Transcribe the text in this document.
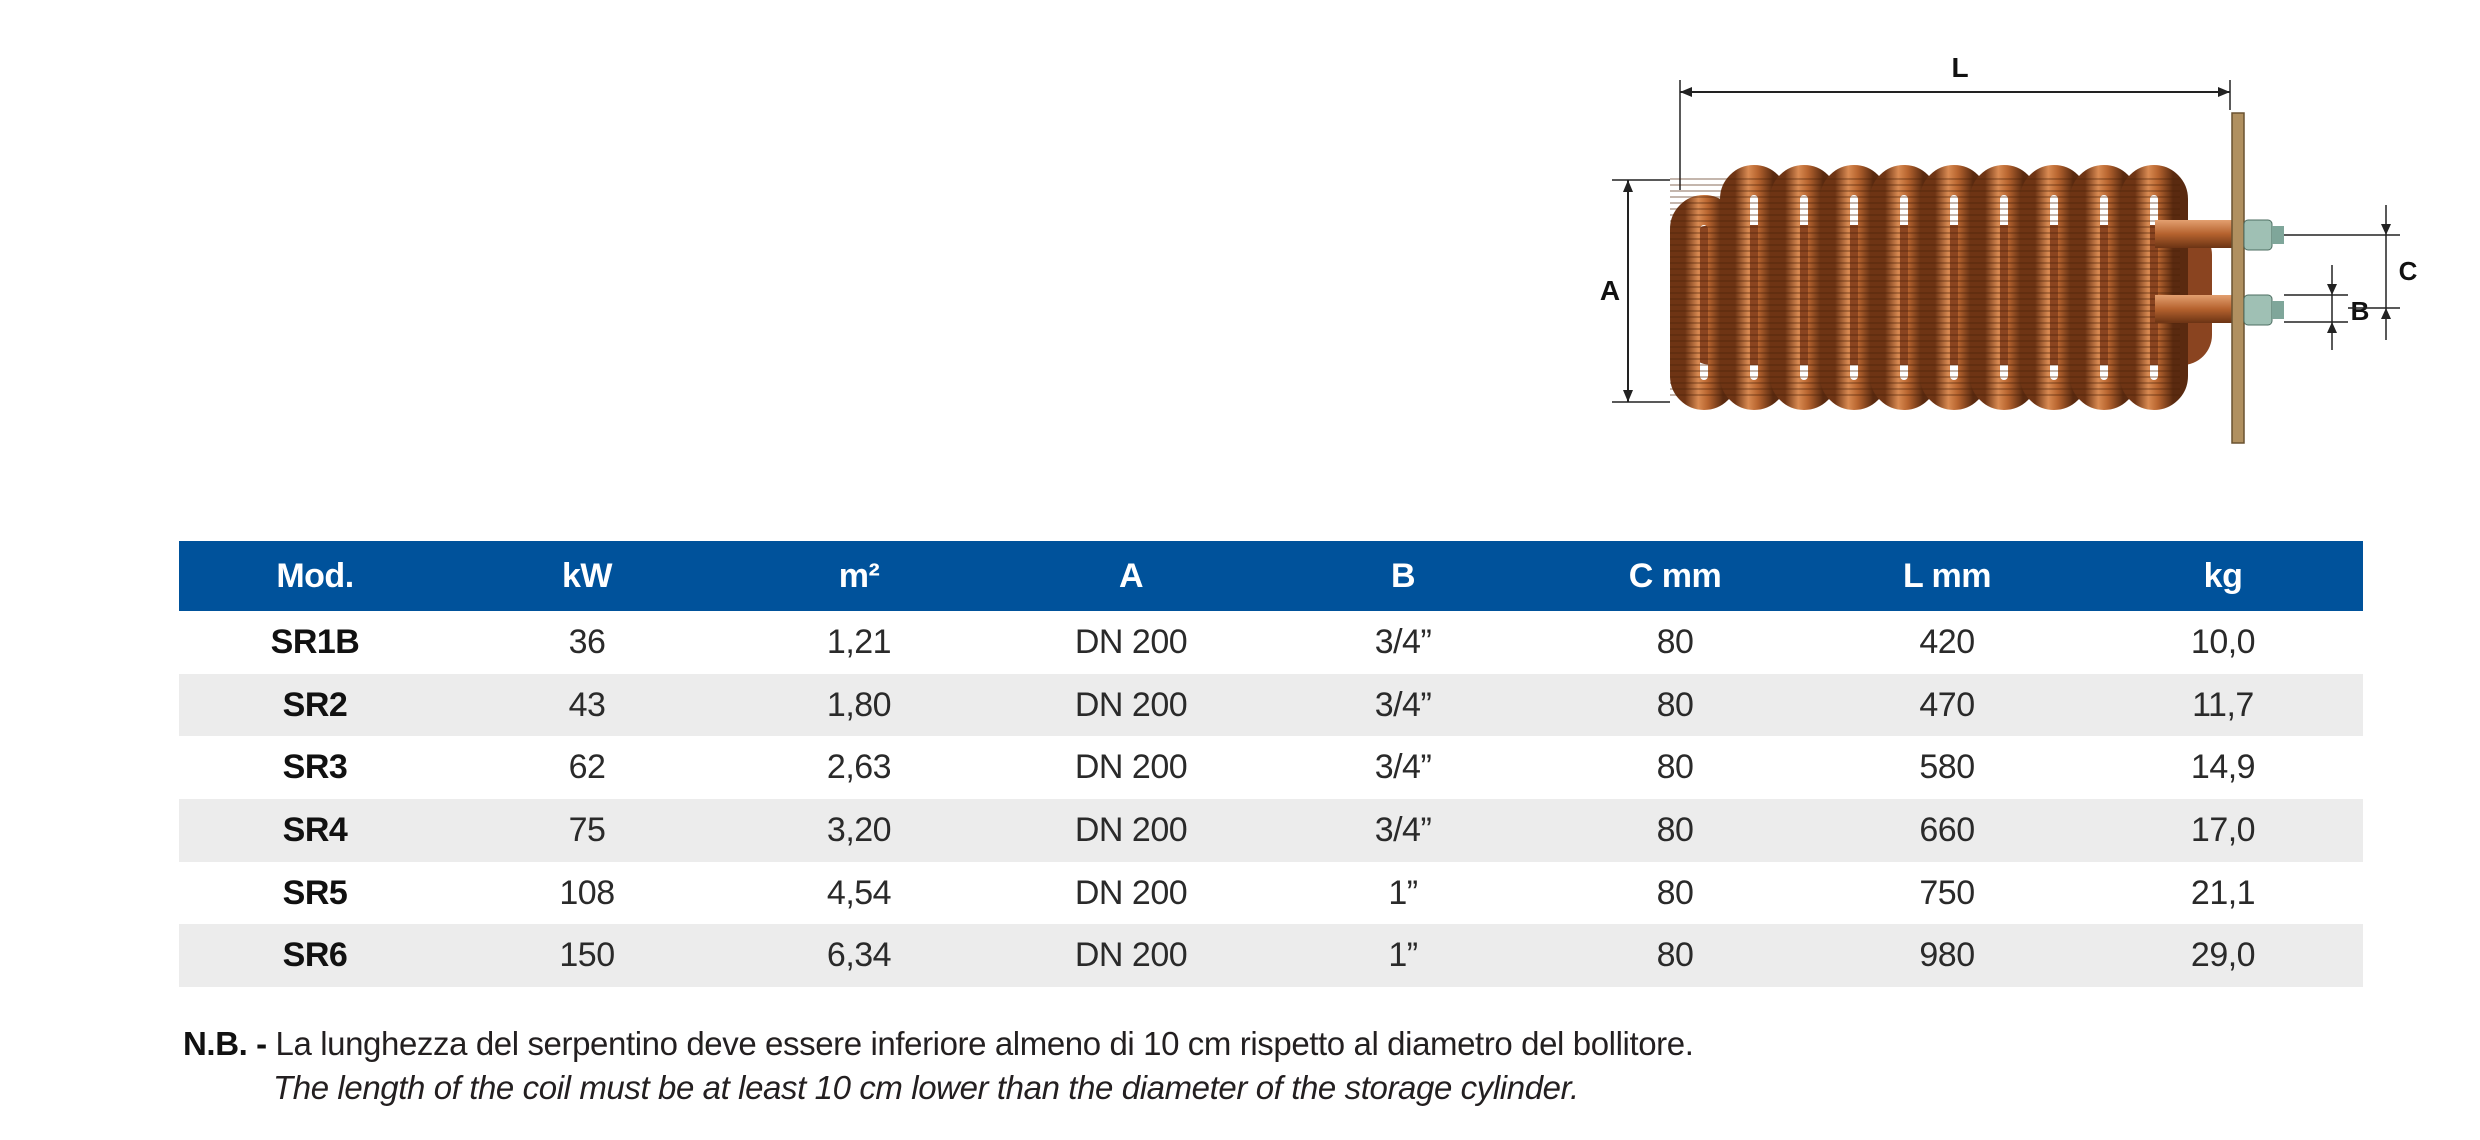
L
A
B
C
Mod.	kW	m²	A	B	C mm	L mm	kg
SR1B	36	1,21	DN 200	3/4”	80	420	10,0
SR2	43	1,80	DN 200	3/4”	80	470	11,7
SR3	62	2,63	DN 200	3/4”	80	580	14,9
SR4	75	3,20	DN 200	3/4”	80	660	17,0
SR5	108	4,54	DN 200	1”	80	750	21,1
SR6	150	6,34	DN 200	1”	80	980	29,0
N.B. - La lunghezza del serpentino deve essere inferiore almeno di 10 cm rispetto al diametro del bollitore.
The length of the coil must be at least 10 cm lower than the diameter of the storage cylinder.
